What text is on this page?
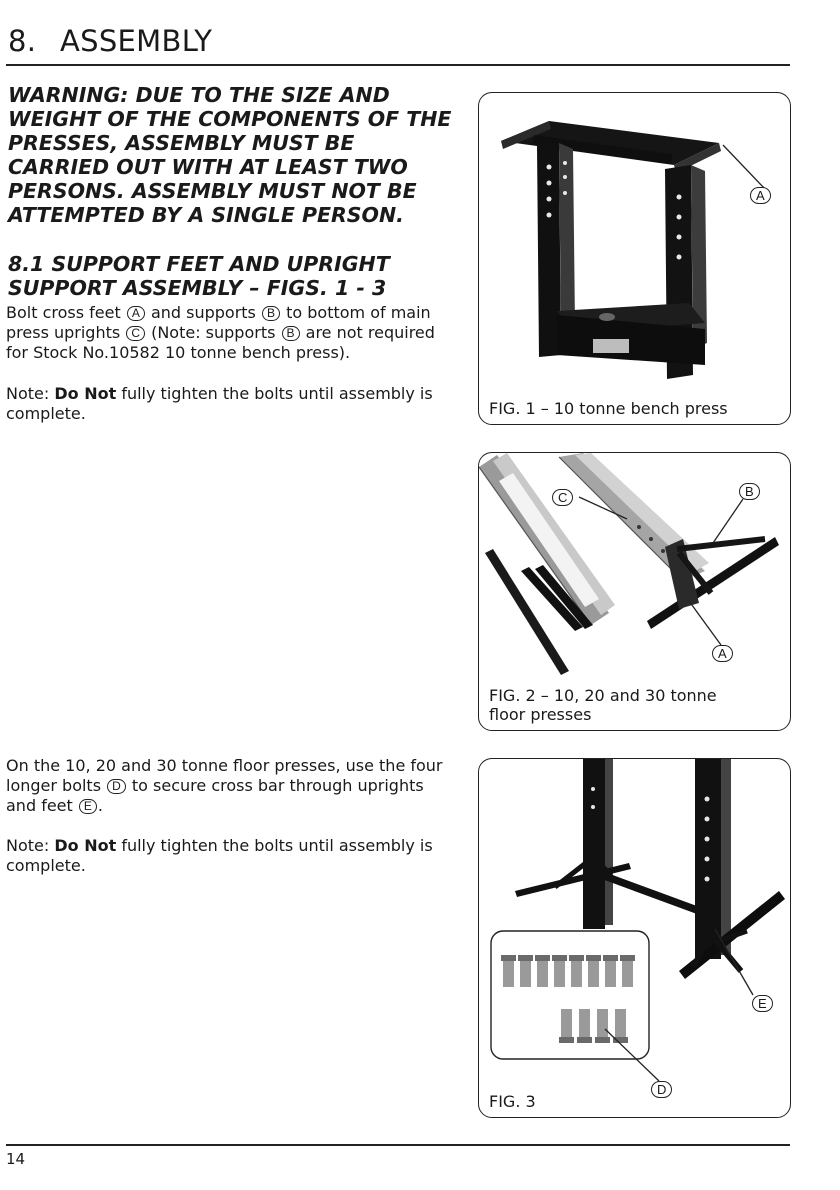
8. ASSEMBLY
WARNING: DUE TO THE SIZE AND WEIGHT OF THE COMPONENTS OF THE PRESSES, ASSEMBLY MUST BE CARRIED OUT WITH AT LEAST TWO PERSONS. ASSEMBLY MUST NOT BE ATTEMPTED BY A SINGLE PERSON.
8.1 SUPPORT FEET AND UPRIGHT SUPPORT ASSEMBLY – FIGS. 1 - 3
Bolt cross feet A and supports B to bottom of main press uprights C (Note: supports B are not required for Stock No.10582 10 tonne bench press).
Note: Do Not fully tighten the bolts until assembly is complete.
On the 10, 20 and 30 tonne floor presses, use the four longer bolts D to secure cross bar through uprights and feet E .
Note: Do Not fully tighten the bolts until assembly is complete.
A
FIG. 1 – 10 tonne bench press
C	B
A
FIG. 2 – 10, 20 and 30 tonne floor presses
E
D
FIG. 3
14
